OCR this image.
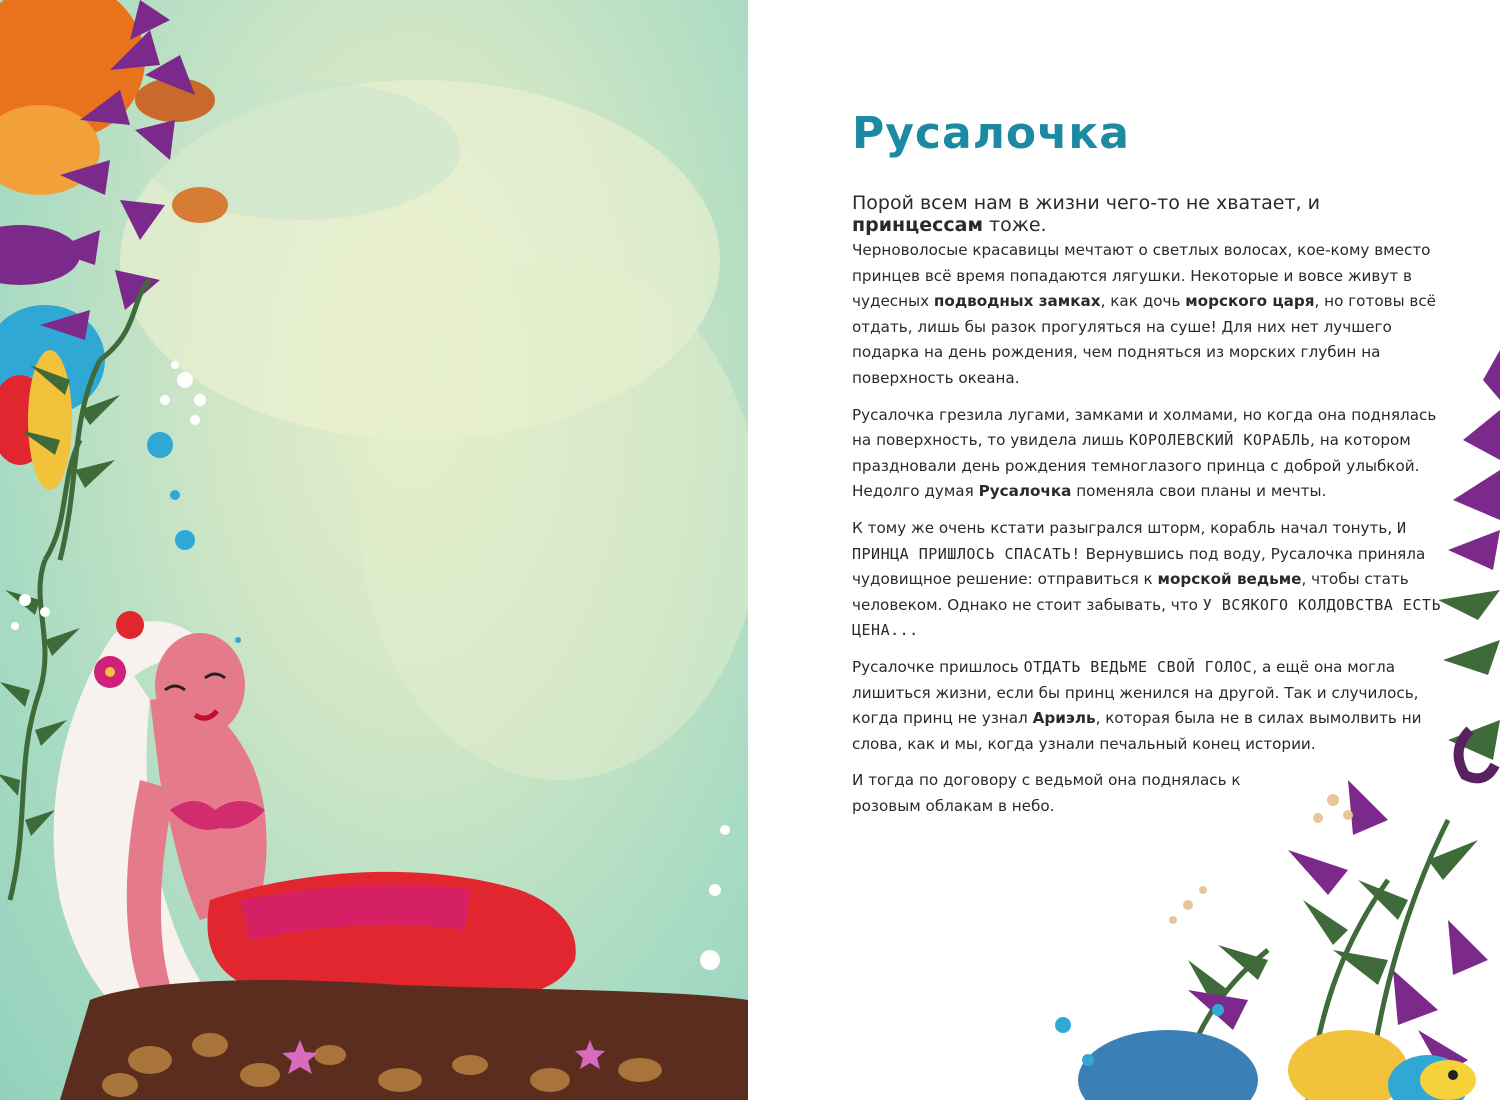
Русалочка

Порой всем нам в жизни чего-то не хватает, и принцессам тоже.

Черноволосые красавицы мечтают о светлых волосах, кое-кому вместо принцев всё время попадаются лягушки. Некоторые и вовсе живут в чудесных подводных замках, как дочь морского царя, но готовы всё отдать, лишь бы разок прогуляться на суше! Для них нет лучшего подарка на день рождения, чем подняться из морских глубин на поверхность океана.

Русалочка грезила лугами, замками и холмами, но когда она поднялась на поверхность, то увидела лишь КОРОЛЕВСКИЙ КОРАБЛЬ, на котором праздновали день рождения темноглазого принца с доброй улыбкой. Недолго думая Русалочка поменяла свои планы и мечты.

К тому же очень кстати разыгрался шторм, корабль начал тонуть, И ПРИНЦА ПРИШЛОСЬ СПАСАТЬ! Вернувшись под воду, Русалочка приняла чудовищное решение: отправиться к морской ведьме, чтобы стать человеком. Однако не стоит забывать, что У ВСЯКОГО КОЛДОВСТВА ЕСТЬ ЦЕНА...

Русалочке пришлось ОТДАТЬ ВЕДЬМЕ СВОЙ ГОЛОС, а ещё она могла лишиться жизни, если бы принц женился на другой. Так и случилось, когда принц не узнал Ариэль, которая была не в силах вымолвить ни слова, как и мы, когда узнали печальный конец истории.

И тогда по договору с ведьмой она поднялась к розовым облакам в небо.
